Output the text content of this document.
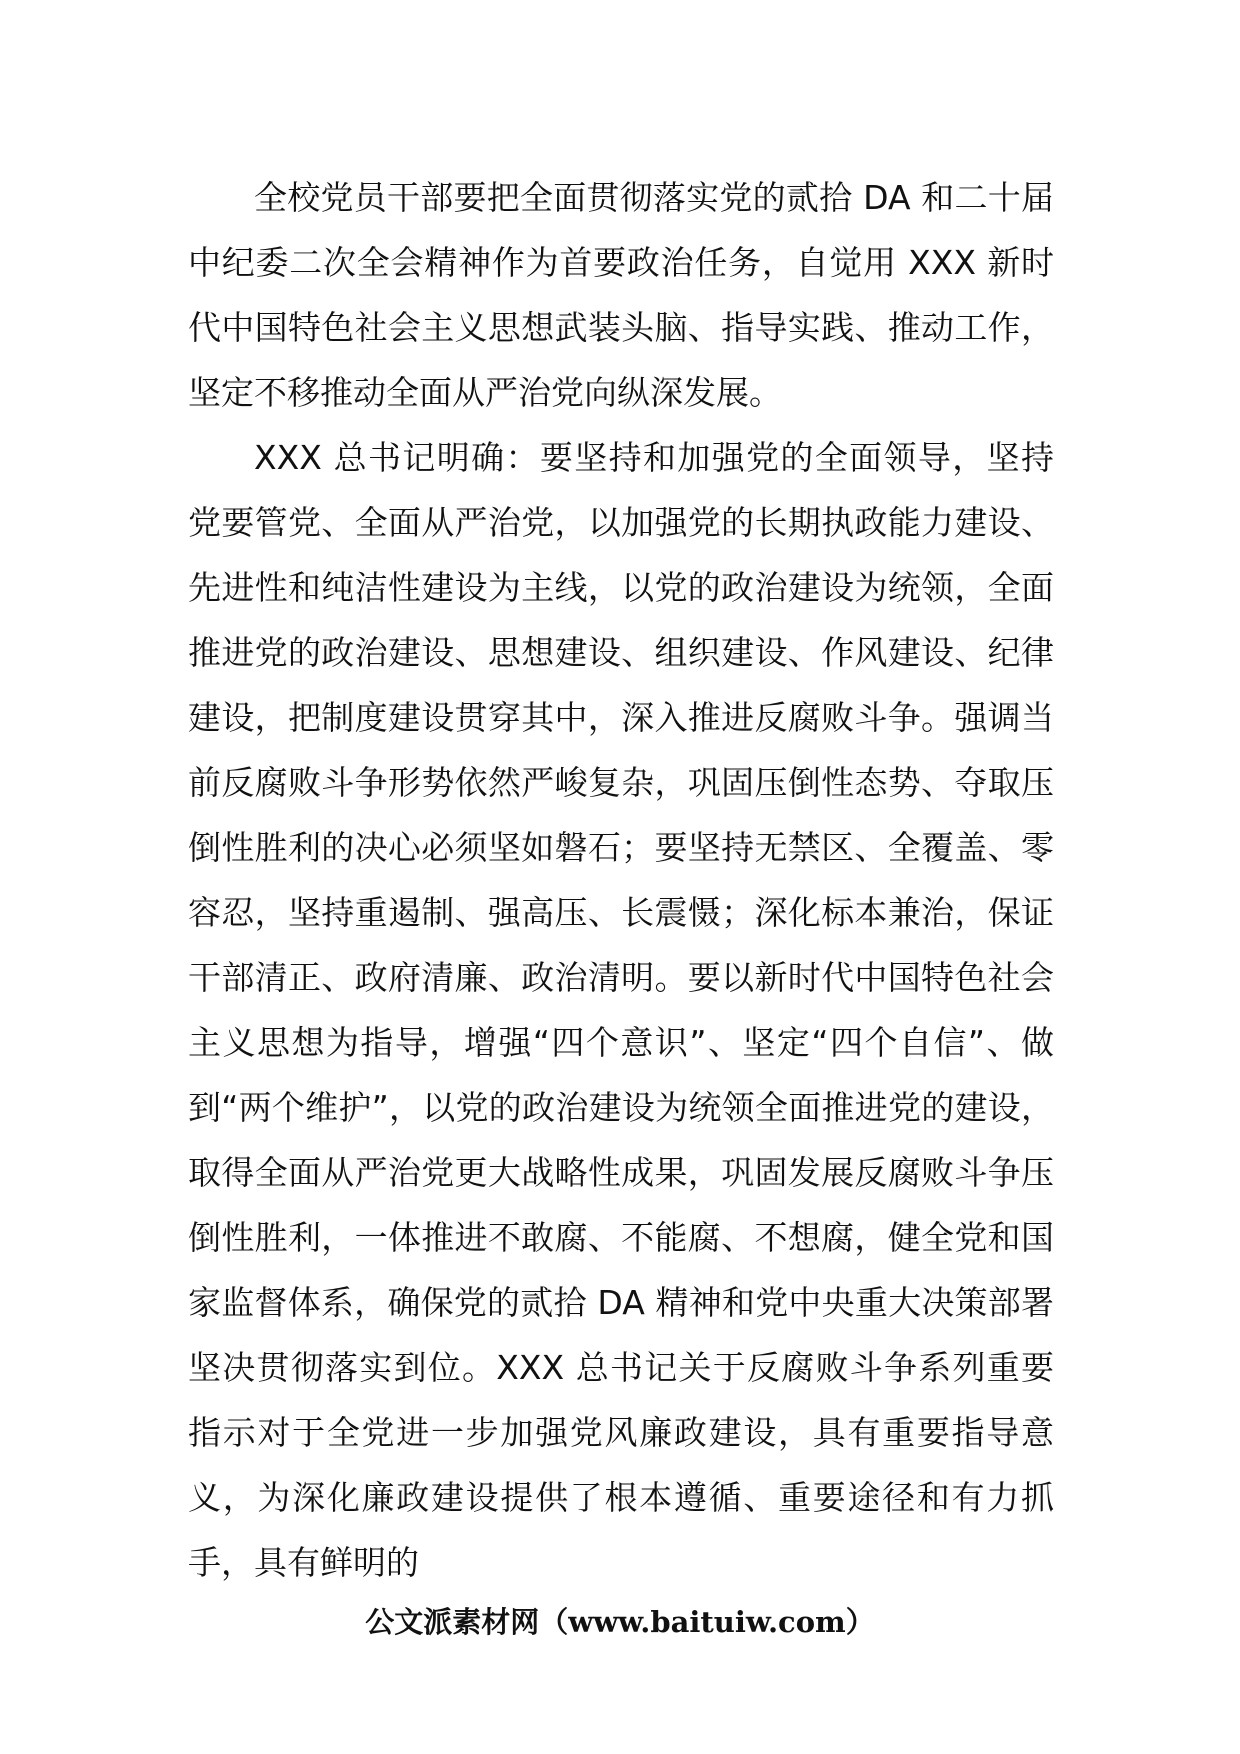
全校党员干部要把全面贯彻落实党的贰拾 DA 和二十届中纪委二次全会精神作为首要政治任务，自觉用 XXX 新时代中国特色社会主义思想武装头脑、指导实践、推动工作，坚定不移推动全面从严治党向纵深发展。

XXX 总书记明确：要坚持和加强党的全面领导，坚持党要管党、全面从严治党，以加强党的长期执政能力建设、先进性和纯洁性建设为主线，以党的政治建设为统领，全面推进党的政治建设、思想建设、组织建设、作风建设、纪律建设，把制度建设贯穿其中，深入推进反腐败斗争。强调当前反腐败斗争形势依然严峻复杂，巩固压倒性态势、夺取压倒性胜利的决心必须坚如磐石；要坚持无禁区、全覆盖、零容忍，坚持重遏制、强高压、长震慑；深化标本兼治，保证干部清正、政府清廉、政治清明。要以新时代中国特色社会主义思想为指导，增强“四个意识”、坚定“四个自信”、做到“两个维护”，以党的政治建设为统领全面推进党的建设，取得全面从严治党更大战略性成果，巩固发展反腐败斗争压倒性胜利，一体推进不敢腐、不能腐、不想腐，健全党和国家监督体系，确保党的贰拾 DA 精神和党中央重大决策部署坚决贯彻落实到位。XXX 总书记关于反腐败斗争系列重要指示对于全党进一步加强党风廉政建设，具有重要指导意义，为深化廉政建设提供了根本遵循、重要途径和有力抓手，具有鲜明的

公文派素材网（www.baituiw.com）
